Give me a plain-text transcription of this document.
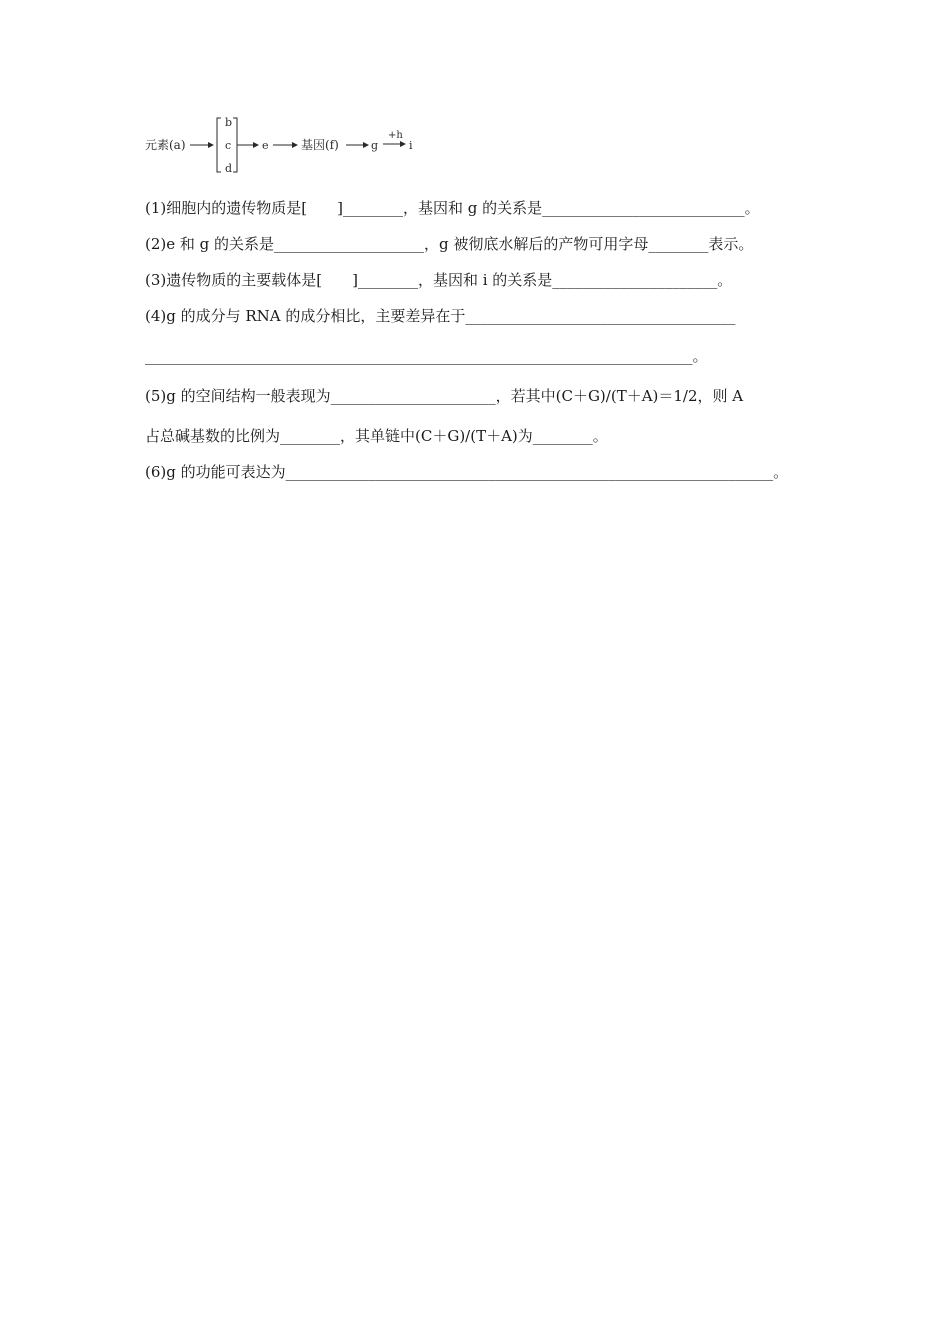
元素(a)
b
c
d
e	基因(f)	g
+h
i
(1)细胞内的遗传物质是[　　]________，基因和 g 的关系是___________________________。
(2)e 和 g 的关系是____________________，g 被彻底水解后的产物可用字母________表示。
(3)遗传物质的主要载体是[　　]________，基因和 i 的关系是______________________。
(4)g 的成分与 RNA 的成分相比，主要差异在于____________________________________
_________________________________________________________________________。
(5)g 的空间结构一般表现为______________________，若其中(C＋G)/(T＋A)＝1/2，则 A
占总碱基数的比例为________，其单链中(C＋G)/(T＋A)为________。
(6)g 的功能可表达为_________________________________________________________________。
